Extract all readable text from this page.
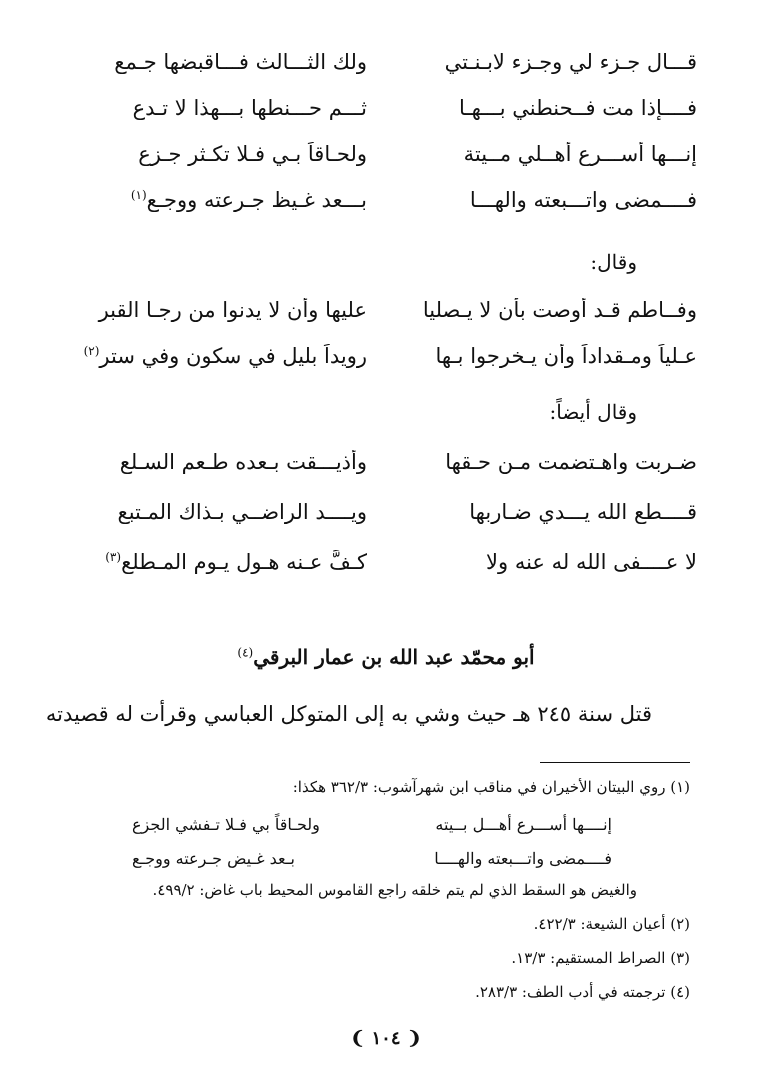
قـــال جـزء لي وجـزء لابـنـتي
ولك الثـــالث فـــاقبضها جـمع
فــــإذا مت فــحنطني بـــهـا
ثـــم حـــنطها بـــهذا لا تـدع
إنـــها أســـرع أهــلي مــيتة
ولحـاقاً بـي فـلا تكـثر جـزع
فــــمضى واتـــبعته والهـــا
بـــعد غـيظ جـرعته ووجـع$^{(١)}$
وقال:
وفــاطم قـد أوصت بأن لا يـصليا
عليها وأن لا يدنوا من رجـا القبر
عـلياً ومـقداداً وأن يـخرجوا بـها
رويداً بليل في سكون وفي ستر$^{(٢)}$
وقال أيضاً:
ضـربت واهـتضمت مـن حـقها
وأذيـــقت بـعده طـعم السـلع
قــــطع الله يـــدي ضـاربها
ويــــد الراضــي بـذاك المـتبع
لا عــــفى الله له عنه ولا
كـفَّ عـنه هـول يـوم المـطلع$^{(٣)}$
أبو محمّد عبد الله بن عمار البرقي$^{(٤)}$
قتل سنة ٢٤٥ هـ حيث وشي به إلى المتوكل العباسي وقرأت له قصيدته
(١) روي البيتان الأخيران في مناقب ابن شهرآشوب: ٣٦٢/٣ هكذا:
إنــــها أســـرع أهـــل بــيته
ولحـاقاً بي فـلا تـفشي الجزع
فــــمضى واتـــبعته والهــــا
بـعد غـيض جـرعته ووجـع
والغيض هو السقط الذي لم يتم خلقه راجع القاموس المحيط باب غاض: ٤٩٩/٢.
(٢) أعيان الشيعة: ٤٢٢/٣.
(٣) الصراط المستقيم: ١٣/٣.
(٤) ترجمته في أدب الطف: ٢٨٣/٣.
❨ ١٠٤ ❩
